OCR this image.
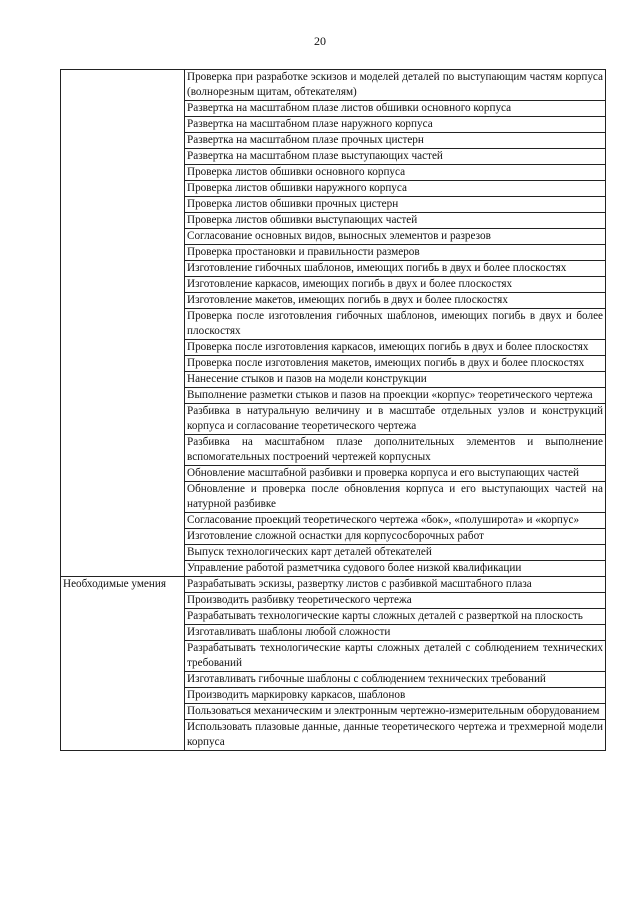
20
	Проверка при разработке эскизов и моделей деталей по выступающим частям корпуса (волнорезным щитам, обтекателям)
	Развертка на масштабном плазе листов обшивки основного корпуса
	Развертка на масштабном плазе наружного корпуса
	Развертка на масштабном плазе прочных цистерн
	Развертка на масштабном плазе выступающих частей
	Проверка листов обшивки основного корпуса
	Проверка листов обшивки наружного корпуса
	Проверка листов обшивки прочных цистерн
	Проверка листов обшивки выступающих частей
	Согласование основных видов, выносных элементов и разрезов
	Проверка простановки и правильности размеров
	Изготовление гибочных шаблонов, имеющих погибь в двух и более плоскостях
	Изготовление каркасов, имеющих погибь в двух и более плоскостях
	Изготовление макетов, имеющих погибь в двух и более плоскостях
	Проверка после изготовления гибочных шаблонов, имеющих погибь в двух и более плоскостях
	Проверка после изготовления каркасов, имеющих погибь в двух и более плоскостях
	Проверка после изготовления макетов, имеющих погибь в двух и более плоскостях
	Нанесение стыков и пазов на модели конструкции
	Выполнение разметки стыков и пазов на проекции «корпус» теоретического чертежа
	Разбивка в натуральную величину и в масштабе отдельных узлов и конструкций корпуса и согласование теоретического чертежа
	Разбивка на масштабном плазе дополнительных элементов и выполнение вспомогательных построений чертежей корпусных
	Обновление масштабной разбивки и проверка корпуса и его выступающих частей
	Обновление и проверка после обновления корпуса и его выступающих частей на натурной разбивке
	Согласование проекций теоретического чертежа «бок», «полуширота» и «корпус»
	Изготовление сложной оснастки для корпусосборочных работ
	Выпуск технологических карт деталей обтекателей
	Управление работой разметчика судового более низкой квалификации
Необходимые умения	Разрабатывать эскизы, развертку листов с разбивкой масштабного плаза
	Производить разбивку теоретического чертежа
	Разрабатывать технологические карты сложных деталей с разверткой на плоскость
	Изготавливать шаблоны любой сложности
	Разрабатывать технологические карты сложных деталей с соблюдением технических требований
	Изготавливать гибочные шаблоны с соблюдением технических требований
	Производить маркировку каркасов, шаблонов
	Пользоваться механическим и электронным чертежно-измерительным оборудованием
	Использовать плазовые данные, данные теоретического чертежа и трехмерной модели корпуса
